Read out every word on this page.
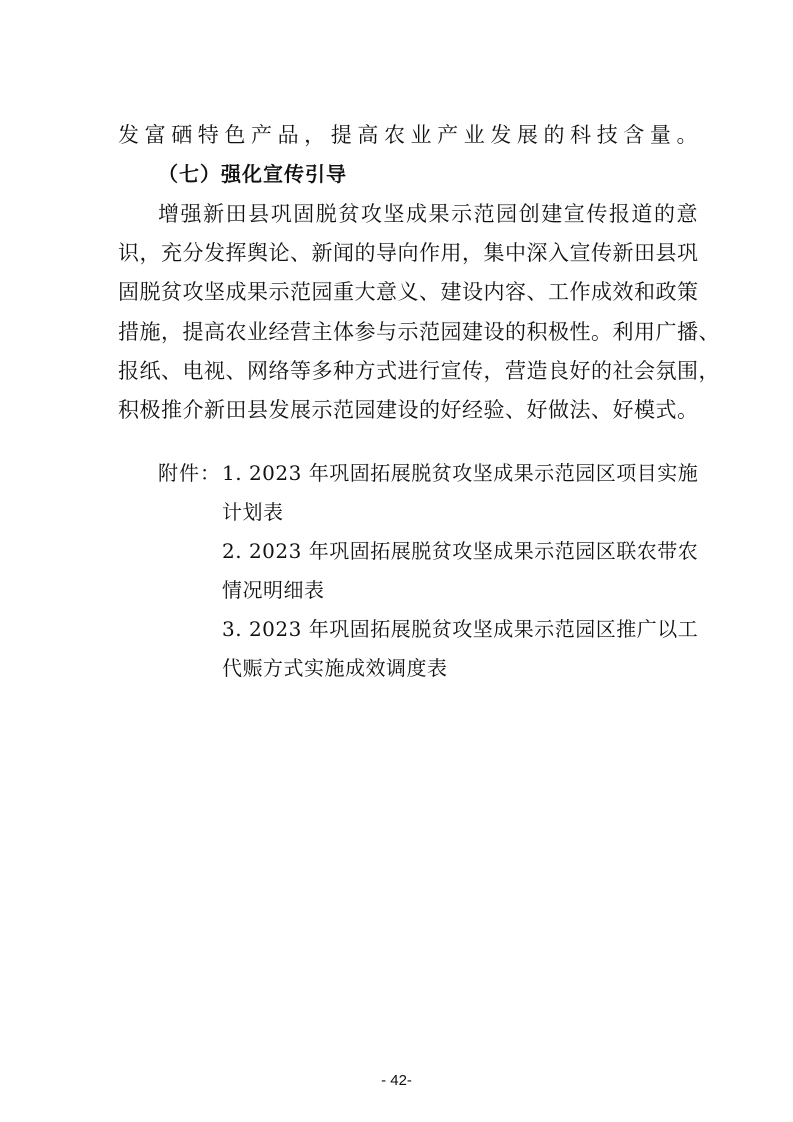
发富硒特色产品，提高农业产业发展的科技含量。
（七）强化宣传引导
增强新田县巩固脱贫攻坚成果示范园创建宣传报道的意
识，充分发挥舆论、新闻的导向作用，集中深入宣传新田县巩
固脱贫攻坚成果示范园重大意义、建设内容、工作成效和政策
措施，提高农业经营主体参与示范园建设的积极性。利用广播、
报纸、电视、网络等多种方式进行宣传，营造良好的社会氛围，
积极推介新田县发展示范园建设的好经验、好做法、好模式。
附件： 1. 2023 年巩固拓展脱贫攻坚成果示范园区项目实施
计划表
2. 2023 年巩固拓展脱贫攻坚成果示范园区联农带农
情况明细表
3. 2023 年巩固拓展脱贫攻坚成果示范园区推广以工
代赈方式实施成效调度表
- 42-
